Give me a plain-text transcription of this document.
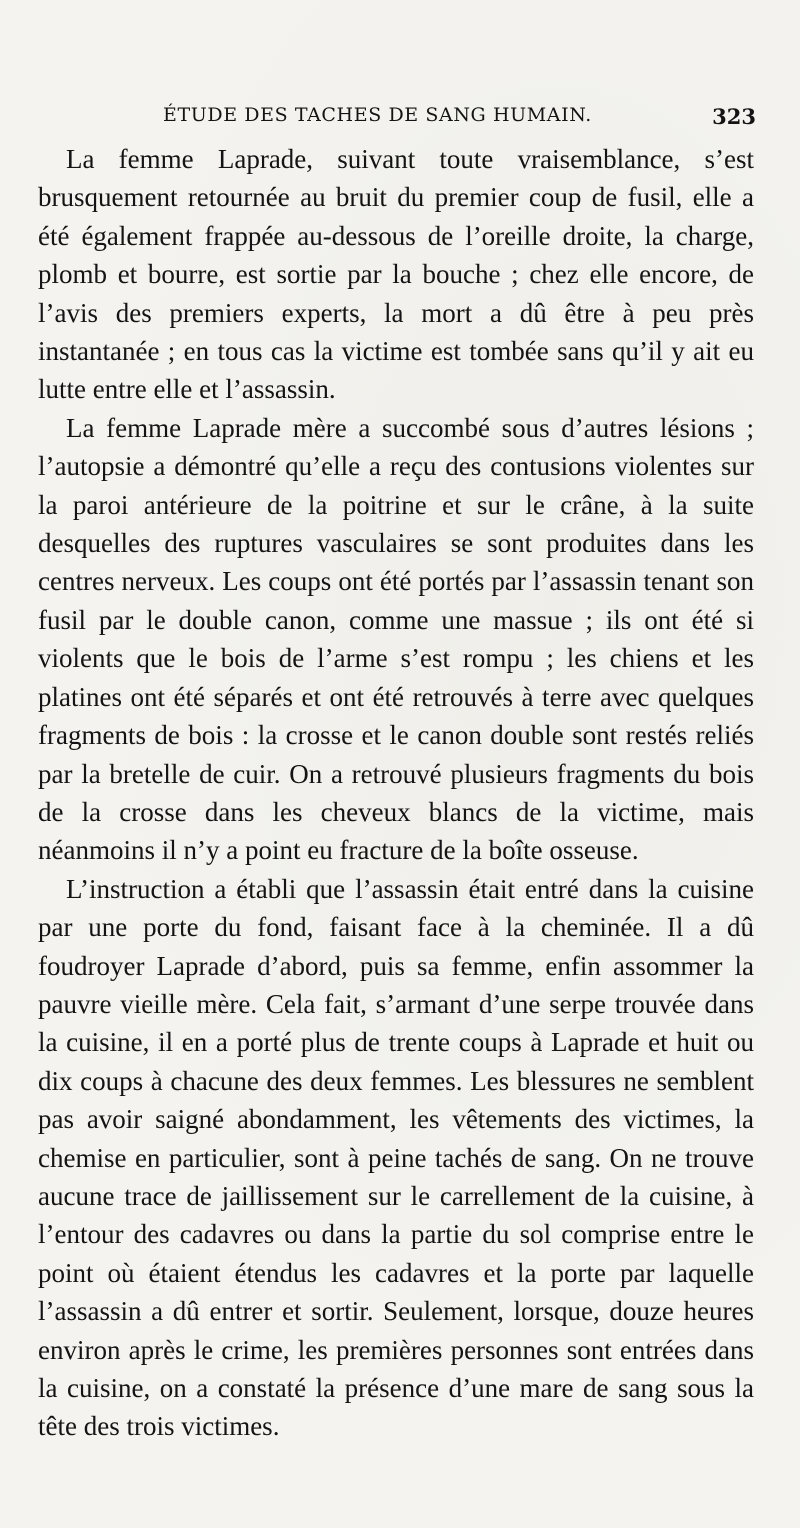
ÉTUDE DES TACHES DE SANG HUMAIN.	323

La femme Laprade, suivant toute vraisemblance, s’est brusquement retournée au bruit du premier coup de fusil, elle a été également frappée au-dessous de l’oreille droite, la charge, plomb et bourre, est sortie par la bouche ; chez elle encore, de l’avis des premiers experts, la mort a dû être à peu près instantanée ; en tous cas la victime est tombée sans qu’il y ait eu lutte entre elle et l’assassin.

La femme Laprade mère a succombé sous d’autres lésions ; l’autopsie a démontré qu’elle a reçu des contusions violentes sur la paroi antérieure de la poitrine et sur le crâne, à la suite desquelles des ruptures vasculaires se sont produites dans les centres nerveux. Les coups ont été portés par l’assassin tenant son fusil par le double canon, comme une massue ; ils ont été si violents que le bois de l’arme s’est rompu ; les chiens et les platines ont été séparés et ont été retrouvés à terre avec quelques fragments de bois : la crosse et le canon double sont restés reliés par la bretelle de cuir. On a retrouvé plusieurs fragments du bois de la crosse dans les cheveux blancs de la victime, mais néanmoins il n’y a point eu fracture de la boîte osseuse.

L’instruction a établi que l’assassin était entré dans la cuisine par une porte du fond, faisant face à la cheminée. Il a dû foudroyer Laprade d’abord, puis sa femme, enfin assommer la pauvre vieille mère. Cela fait, s’armant d’une serpe trouvée dans la cuisine, il en a porté plus de trente coups à Laprade et huit ou dix coups à chacune des deux femmes. Les blessures ne semblent pas avoir saigné abondamment, les vêtements des victimes, la chemise en particulier, sont à peine tachés de sang. On ne trouve aucune trace de jaillissement sur le carrellement de la cuisine, à l’entour des cadavres ou dans la partie du sol comprise entre le point où étaient étendus les cadavres et la porte par laquelle l’assassin a dû entrer et sortir. Seulement, lorsque, douze heures environ après le crime, les premières personnes sont entrées dans la cuisine, on a constaté la présence d’une mare de sang sous la tête des trois victimes.
